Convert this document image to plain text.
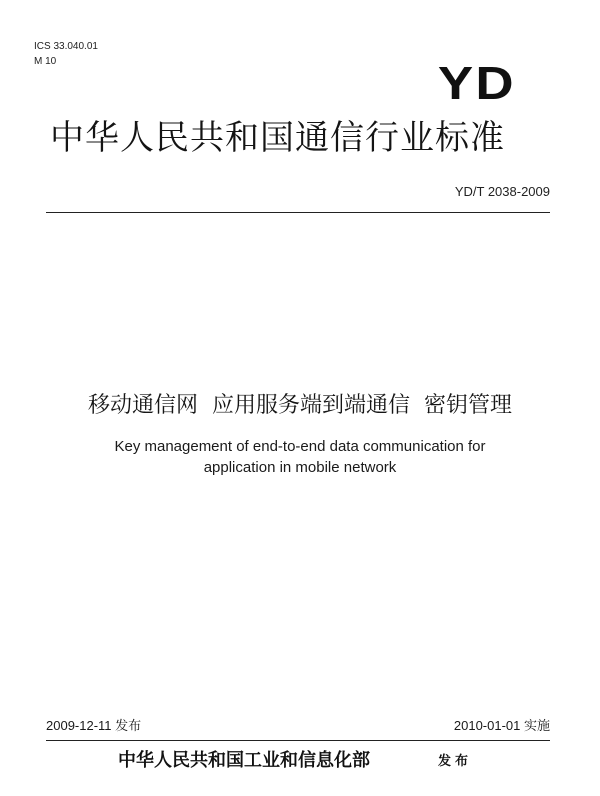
ICS 33.040.01
M 10	YD
中华人民共和国通信行业标准
YD/T 2038-2009
移动通信网  应用服务端到端通信  密钥管理
Key management of end-to-end data communication for
application in mobile network
2009-12-11 发布	2010-01-01 实施
中华人民共和国工业和信息化部	发布
